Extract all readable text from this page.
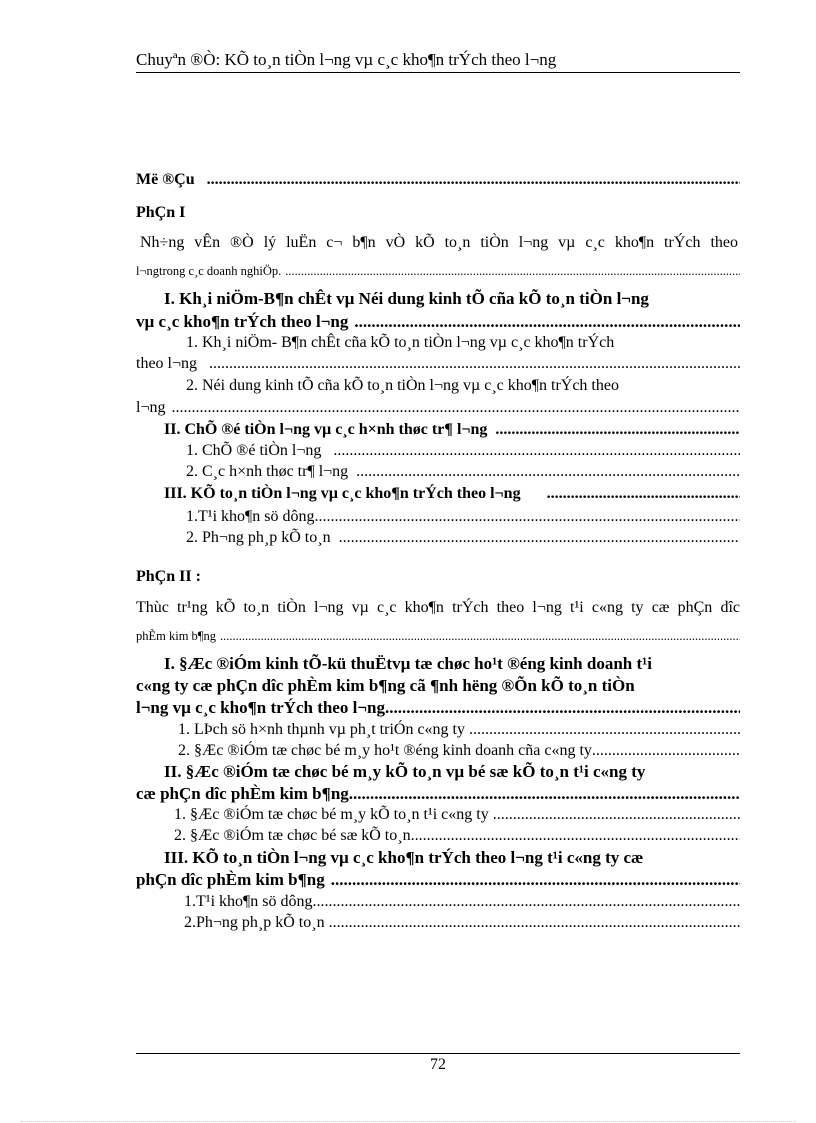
Chuyªn ®Ò: KÕ to¸n tiÒn l¬ng vµ c¸c kho¶n trÝch theo l¬ng
Më ®Çu
.....
PhÇn I
Nh÷ng vÊn ®Ò lý luËn c¬ b¶n vÒ kÕ to¸n tiÒn l¬ng vµ c¸c kho¶n trÝch theo
l¬ngtrong c¸c doanh nghiÖp.
.....
I. Kh¸i niÖm-B¶n chÊt vµ Néi dung kinh tÕ cña kÕ to¸n tiÒn l¬ng
vµ c¸c kho¶n trÝch theo l¬ng
.....
1. Kh¸i niÖm- B¶n chÊt cña kÕ to¸n tiÒn l¬ng vµ c¸c kho¶n trÝch
theo l¬ng
.....
2. Néi dung kinh tÕ cña kÕ to¸n tiÒn l¬ng vµ c¸c kho¶n trÝch theo
l¬ng
.....
II. ChÕ ®é tiÒn l¬ng vµ c¸c h×nh thøc tr¶ l¬ng
.....
1. ChÕ ®é tiÒn l¬ng
.....
2. C¸c h×nh thøc tr¶ l¬ng
.....
III. KÕ to¸n tiÒn l¬ng vµ c¸c kho¶n trÝch theo l¬ng
.....
1.T¹i kho¶n sö dông
.....
2. Ph¬ng ph¸p kÕ to¸n
.....
PhÇn II :
Thùc tr¹ng kÕ to¸n tiÒn l¬ng vµ c¸c kho¶n trÝch theo l¬ng t¹i c«ng ty cæ phÇn dîc
phÈm kim b¶ng
.....
I. §Æc ®iÓm kinh tÕ-kü thuËtvµ tæ chøc ho¹t ®éng kinh doanh t¹i
c«ng ty cæ phÇn dîc phÈm kim b¶ng cã ¶nh hëng ®Õn kÕ to¸n tiÒn
l¬ng vµ c¸c kho¶n trÝch theo l¬ng
.....
1. LÞch sö h×nh thµnh vµ ph¸t triÓn c«ng ty
.....
2. §Æc ®iÓm tæ chøc bé m¸y ho¹t ®éng kinh doanh cña c«ng ty
.....
II. §Æc ®iÓm tæ chøc bé m¸y kÕ to¸n vµ bé sæ kÕ to¸n t¹i c«ng ty
cæ phÇn dîc phÈm kim b¶ng
.....
1. §Æc ®iÓm tæ chøc bé m¸y kÕ to¸n t¹i c«ng ty
.....
2. §Æc ®iÓm tæ chøc bé sæ kÕ to¸n
.....
III. KÕ to¸n tiÒn l¬ng vµ c¸c kho¶n trÝch theo l¬ng t¹i c«ng ty cæ
phÇn dîc phÈm kim b¶ng
.....
1.T¹i kho¶n sö dông
.....
2.Ph¬ng ph¸p kÕ to¸n
.....
72
